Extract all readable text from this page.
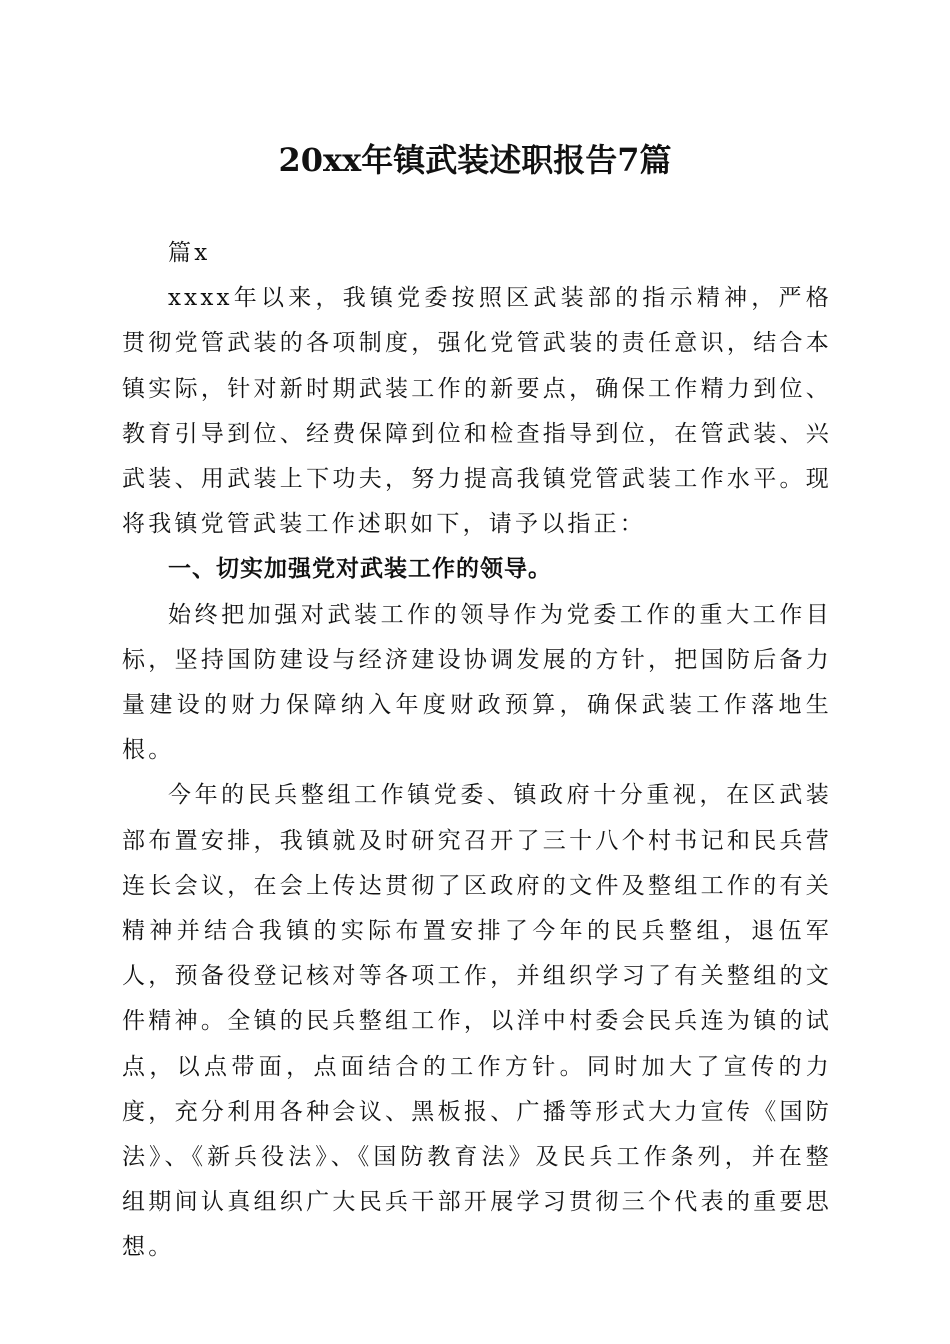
20xx年镇武装述职报告7篇

篇x

xxxx年以来，我镇党委按照区武装部的指示精神，严格贯彻党管武装的各项制度，强化党管武装的责任意识，结合本镇实际，针对新时期武装工作的新要点，确保工作精力到位、教育引导到位、经费保障到位和检查指导到位，在管武装、兴武装、用武装上下功夫，努力提高我镇党管武装工作水平。现将我镇党管武装工作述职如下，请予以指正：

一、切实加强党对武装工作的领导。

始终把加强对武装工作的领导作为党委工作的重大工作目标，坚持国防建设与经济建设协调发展的方针，把国防后备力量建设的财力保障纳入年度财政预算，确保武装工作落地生根。

今年的民兵整组工作镇党委、镇政府十分重视，在区武装部布置安排，我镇就及时研究召开了三十八个村书记和民兵营连长会议，在会上传达贯彻了区政府的文件及整组工作的有关精神并结合我镇的实际布置安排了今年的民兵整组，退伍军人，预备役登记核对等各项工作，并组织学习了有关整组的文件精神。全镇的民兵整组工作，以洋中村委会民兵连为镇的试点，以点带面，点面结合的工作方针。同时加大了宣传的力度，充分利用各种会议、黑板报、广播等形式大力宣传《国防法》、《新兵役法》、《国防教育法》及民兵工作条列，并在整组期间认真组织广大民兵干部开展学习贯彻三个代表的重要思想。
